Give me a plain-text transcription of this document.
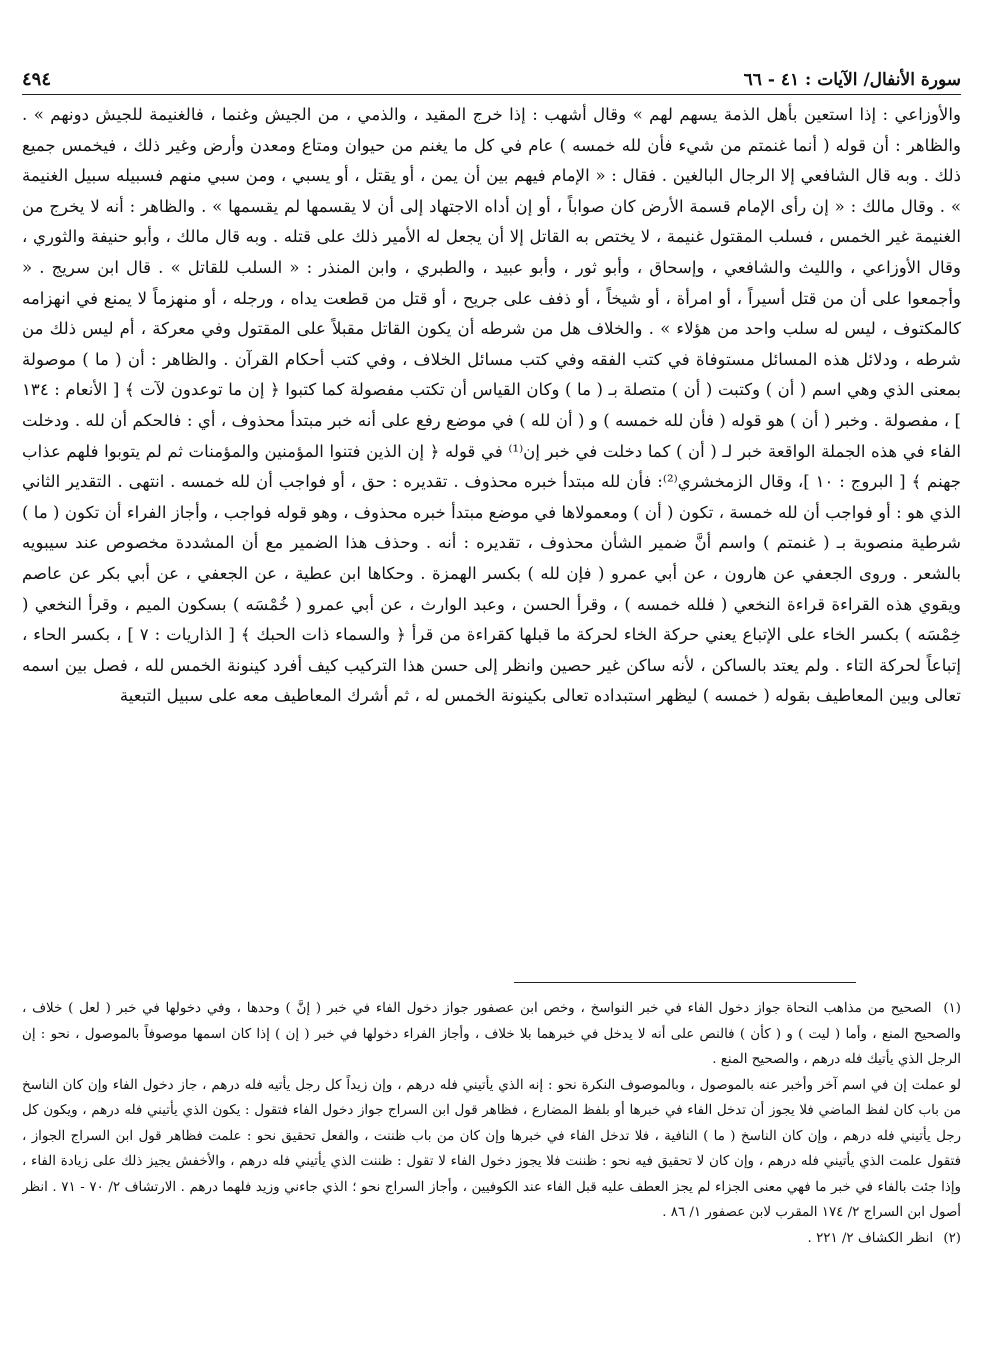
سورة الأنفال/ الآيات : ٤١ - ٦٦
٤٩٤

والأوزاعي : إذا استعين بأهل الذمة يسهم لهم » وقال أشهب : إذا خرج المقيد ، والذمي ، من الجيش وغنما ، فالغنيمة للجيش دونهم » . والظاهر : أن قوله ( أنما غنمتم من شيء فأن لله خمسه ) عام في كل ما يغنم من حيوان ومتاع ومعدن وأرض وغير ذلك ، فيخمس جميع ذلك . وبه قال الشافعي إلا الرجال البالغين . فقال : « الإمام فيهم بين أن يمن ، أو يقتل ، أو يسبي ، ومن سبي منهم فسبيله سبيل الغنيمة » . وقال مالك : « إن رأى الإمام قسمة الأرض كان صواباً ، أو إن أداه الاجتهاد إلى أن لا يقسمها لم يقسمها » . والظاهر : أنه لا يخرج من الغنيمة غير الخمس ، فسلب المقتول غنيمة ، لا يختص به القاتل إلا أن يجعل له الأمير ذلك على قتله . وبه قال مالك ، وأبو حنيفة والثوري ، وقال الأوزاعي ، والليث والشافعي ، وإسحاق ، وأبو ثور ، وأبو عبيد ، والطبري ، وابن المنذر : « السلب للقاتل » . قال ابن سريج . « وأجمعوا على أن من قتل أسيراً ، أو امرأة ، أو شيخاً ، أو ذفف على جريح ، أو قتل من قطعت يداه ، ورجله ، أو منهزماً لا يمنع في انهزامه كالمكتوف ، ليس له سلب واحد من هؤلاء » . والخلاف هل من شرطه أن يكون القاتل مقبلاً على المقتول وفي معركة ، أم ليس ذلك من شرطه ، ودلائل هذه المسائل مستوفاة في كتب الفقه وفي كتب مسائل الخلاف ، وفي كتب أحكام القرآن . والظاهر : أن ( ما ) موصولة بمعنى الذي وهي اسم ( أن ) وكتبت ( أن ) متصلة بـ ( ما ) وكان القياس أن تكتب مفصولة كما كتبوا ﴿ إن ما توعدون لآت ﴾ [ الأنعام : ١٣٤ ] ، مفصولة . وخبر ( أن ) هو قوله ( فأن لله خمسه ) و ( أن لله ) في موضع رفع على أنه خبر مبتدأ محذوف ، أي : فالحكم أن لله . ودخلت الفاء في هذه الجملة الواقعة خبر لـ ( أن ) كما دخلت في خبر إن⁽¹⁾ في قوله ﴿ إن الذين فتنوا المؤمنين والمؤمنات ثم لم يتوبوا فلهم عذاب جهنم ﴾ [ البروج : ١٠ ]، وقال الزمخشري⁽²⁾: فأن لله مبتدأ خبره محذوف . تقديره : حق ، أو فواجب أن لله خمسه . انتهى . التقدير الثاني الذي هو : أو فواجب أن لله خمسة ، تكون ( أن ) ومعمولاها في موضع مبتدأ خبره محذوف ، وهو قوله فواجب ، وأجاز الفراء أن تكون ( ما ) شرطية منصوبة بـ ( غنمتم ) واسم أنَّ ضمير الشأن محذوف ، تقديره : أنه . وحذف هذا الضمير مع أن المشددة مخصوص عند سيبويه بالشعر . وروى الجعفي عن هارون ، عن أبي عمرو ( فإن لله ) بكسر الهمزة . وحكاها ابن عطية ، عن الجعفي ، عن أبي بكر عن عاصم ويقوي هذه القراءة قراءة النخعي ( فلله خمسه ) ، وقرأ الحسن ، وعبد الوارث ، عن أبي عمرو ( خُمْسَه ) بسكون الميم ، وقرأ النخعي ( خِمْسَه ) بكسر الخاء على الإتباع يعني حركة الخاء لحركة ما قبلها كقراءة من قرأ ﴿ والسماء ذات الحبك ﴾ [ الذاريات : ٧ ] ، بكسر الحاء ، إتباعاً لحركة التاء . ولم يعتد بالساكن ، لأنه ساكن غير حصين وانظر إلى حسن هذا التركيب كيف أفرد كينونة الخمس لله ، فصل بين اسمه تعالى وبين المعاطيف بقوله ( خمسه ) ليظهر استبداده تعالى بكينونة الخمس له ، ثم أشرك المعاطيف معه على سبيل التبعية

(١) الصحيح من مذاهب النحاة جواز دخول الفاء في خبر النواسخ ، وخص ابن عصفور جواز دخول الفاء في خبر ( إنَّ ) وحدها ، وفي دخولها في خبر ( لعل ) خلاف ، والصحيح المنع ، وأما ( ليت ) و ( كأن ) فالنص على أنه لا يدخل في خبرهما بلا خلاف ، وأجاز الفراء دخولها في خبر ( إن ) إذا كان اسمها موصوفاً بالموصول ، نحو : إن الرجل الذي يأتيك فله درهم ، والصحيح المنع .

لو عملت إن في اسم آخر وأخبر عنه بالموصول ، وبالموصوف النكرة نحو : إنه الذي يأتيني فله درهم ، وإن زيداً كل رجل يأتيه فله درهم ، جاز دخول الفاء وإن كان الناسخ من باب كان لفظ الماضي فلا يجوز أن تدخل الفاء في خبرها أو بلفظ المضارع ، فظاهر قول ابن السراج جواز دخول الفاء فتقول : يكون الذي يأتيني فله درهم ، ويكون كل رجل يأتيني فله درهم ، وإن كان الناسخ ( ما ) النافية ، فلا تدخل الفاء في خبرها وإن كان من باب ظننت ، والفعل تحقيق نحو : علمت فظاهر قول ابن السراج الجواز ، فتقول علمت الذي يأتيني فله درهم ، وإن كان لا تحقيق فيه نحو : ظننت فلا يجوز دخول الفاء لا تقول : ظننت الذي يأتيني فله درهم ، والأخفش يجيز ذلك على زيادة الفاء ، وإذا جئت بالفاء في خبر ما فهي معنى الجزاء لم يجز العطف عليه قبل الفاء عند الكوفيين ، وأجاز السراج نحو ؛ الذي جاءني وزيد فلهما درهم . الارتشاف ٢/ ٧٠ - ٧١ . انظر أصول ابن السراج ٢/ ١٧٤ المقرب لابن عصفور ١/ ٨٦ .

(٢) انظر الكشاف ٢/ ٢٢١ .
